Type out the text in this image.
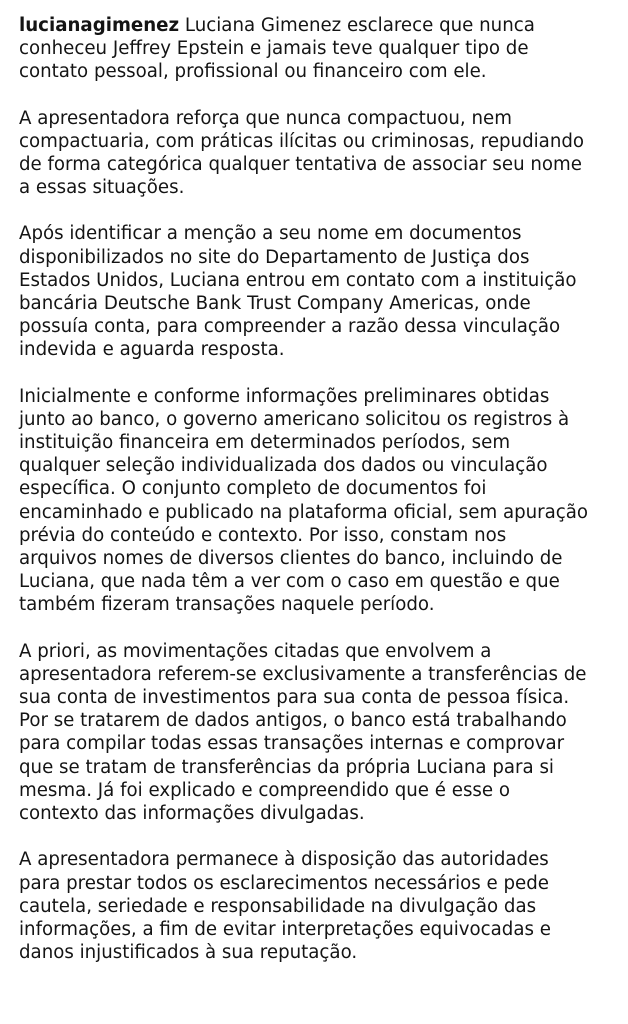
lucianagimenez Luciana Gimenez esclarece que nunca
conheceu Jeffrey Epstein e jamais teve qualquer tipo de
contato pessoal, profissional ou financeiro com ele.

A apresentadora reforça que nunca compactuou, nem
compactuaria, com práticas ilícitas ou criminosas, repudiando
de forma categórica qualquer tentativa de associar seu nome
a essas situações.

Após identificar a menção a seu nome em documentos
disponibilizados no site do Departamento de Justiça dos
Estados Unidos, Luciana entrou em contato com a instituição
bancária Deutsche Bank Trust Company Americas, onde
possuía conta, para compreender a razão dessa vinculação
indevida e aguarda resposta.

Inicialmente e conforme informações preliminares obtidas
junto ao banco, o governo americano solicitou os registros à
instituição financeira em determinados períodos, sem
qualquer seleção individualizada dos dados ou vinculação
específica. O conjunto completo de documentos foi
encaminhado e publicado na plataforma oficial, sem apuração
prévia do conteúdo e contexto. Por isso, constam nos
arquivos nomes de diversos clientes do banco, incluindo de
Luciana, que nada têm a ver com o caso em questão e que
também fizeram transações naquele período.

A priori, as movimentações citadas que envolvem a
apresentadora referem-se exclusivamente a transferências de
sua conta de investimentos para sua conta de pessoa física.
Por se tratarem de dados antigos, o banco está trabalhando
para compilar todas essas transações internas e comprovar
que se tratam de transferências da própria Luciana para si
mesma. Já foi explicado e compreendido que é esse o
contexto das informações divulgadas.

A apresentadora permanece à disposição das autoridades
para prestar todos os esclarecimentos necessários e pede
cautela, seriedade e responsabilidade na divulgação das
informações, a fim de evitar interpretações equivocadas e
danos injustificados à sua reputação.
